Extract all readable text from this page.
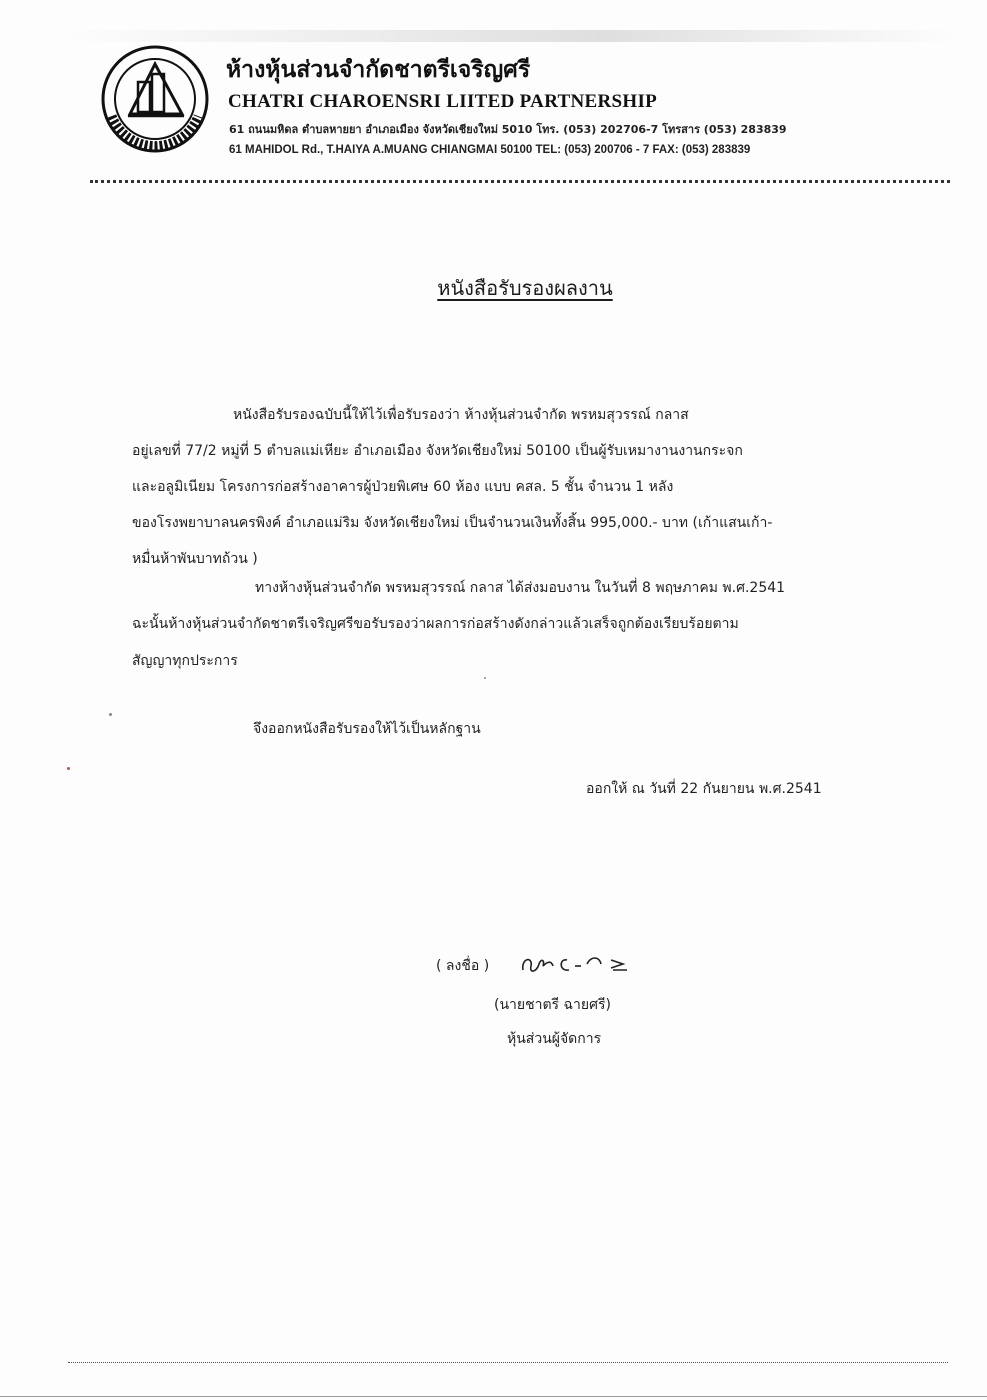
ห้างหุ้นส่วนจำกัดชาตรีเจริญศรี
CHATRI CHAROENSRI LIITED PARTNERSHIP
61 ถนนมหิดล ตำบลหายยา อำเภอเมือง จังหวัดเชียงใหม่ 5010 โทร. (053) 202706-7 โทรสาร (053) 283839
61 MAHIDOL Rd., T.HAIYA A.MUANG CHIANGMAI 50100 TEL: (053) 200706 - 7 FAX: (053) 283839
หนังสือรับรองผลงาน
หนังสือรับรองฉบับนี้ให้ไว้เพื่อรับรองว่า ห้างหุ้นส่วนจำกัด พรหมสุวรรณ์ กลาส
อยู่เลขที่ 77/2 หมู่ที่ 5 ตำบลแม่เหียะ อำเภอเมือง จังหวัดเชียงใหม่ 50100 เป็นผู้รับเหมางานงานกระจก
และอลูมิเนียม โครงการก่อสร้างอาคารผู้ป่วยพิเศษ 60 ห้อง แบบ คสล. 5 ชั้น จำนวน 1 หลัง
ของโรงพยาบาลนครพิงค์ อำเภอแม่ริม จังหวัดเชียงใหม่ เป็นจำนวนเงินทั้งสิ้น 995,000.- บาท (เก้าแสนเก้า-
หมื่นห้าพันบาทถ้วน )
ทางห้างหุ้นส่วนจำกัด พรหมสุวรรณ์ กลาส ได้ส่งมอบงาน ในวันที่ 8 พฤษภาคม พ.ศ.2541
ฉะนั้นห้างหุ้นส่วนจำกัดชาตรีเจริญศรีขอรับรองว่าผลการก่อสร้างดังกล่าวแล้วเสร็จถูกต้องเรียบร้อยตาม
สัญญาทุกประการ
จึงออกหนังสือรับรองให้ไว้เป็นหลักฐาน
ออกให้ ณ วันที่ 22 กันยายน พ.ศ.2541
( ลงชื่อ )
(นายชาตรี ฉายศรี)
หุ้นส่วนผู้จัดการ
